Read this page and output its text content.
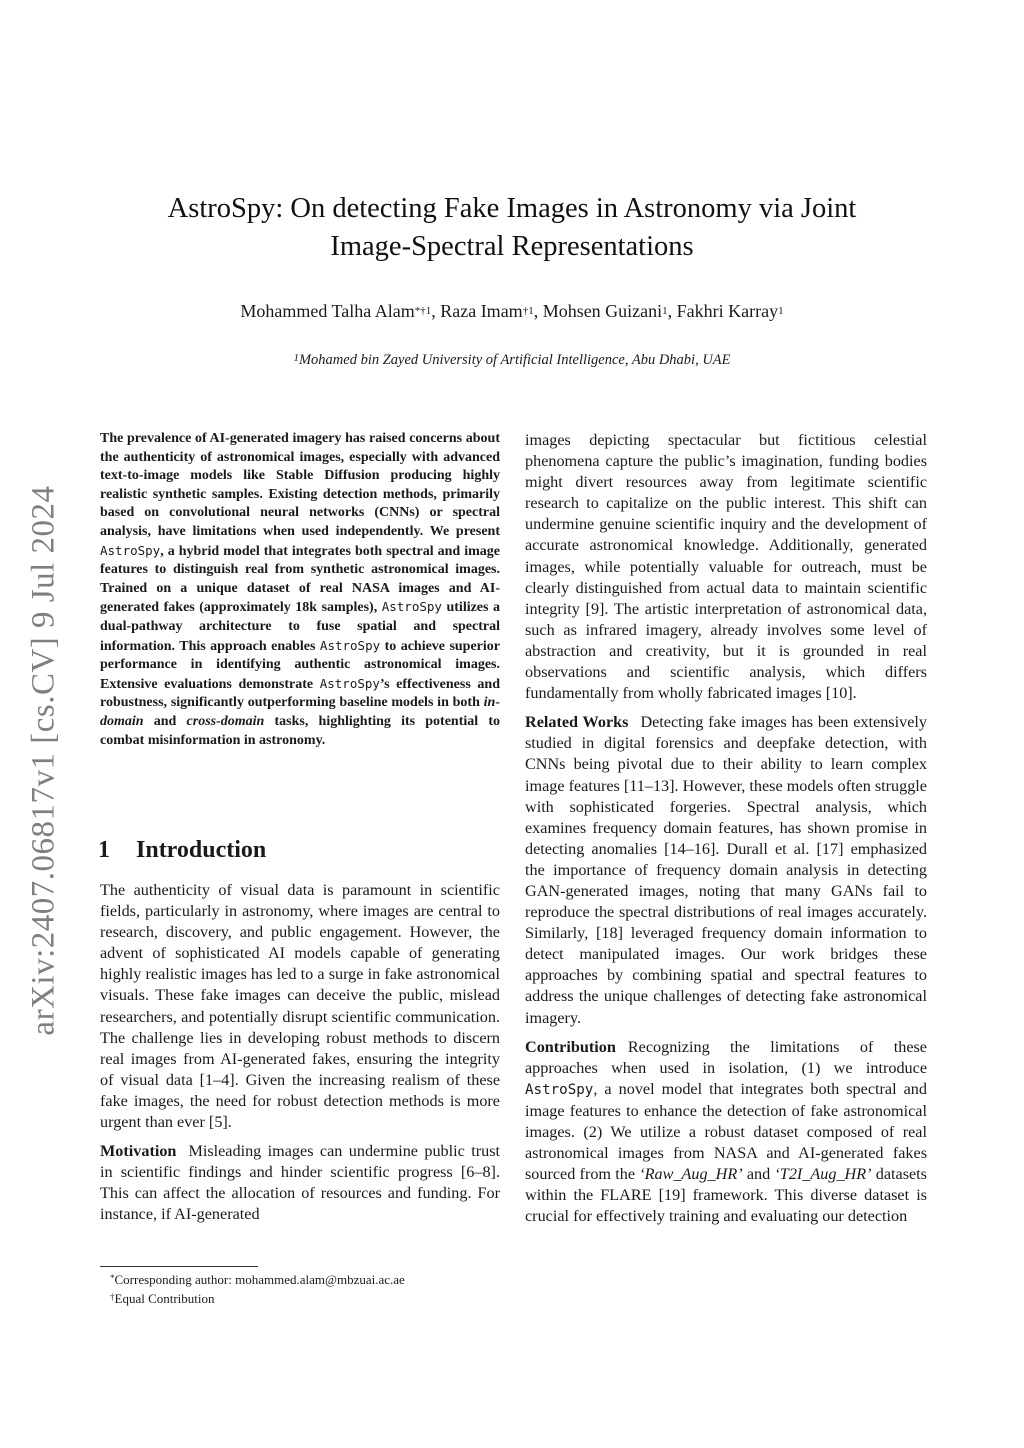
arXiv:2407.06817v1 [cs.CV] 9 Jul 2024
AstroSpy: On detecting Fake Images in Astronomy via Joint
Image-Spectral Representations
Mohammed Talha Alam$^{*\dagger 1}$, Raza Imam$^{\dagger 1}$, Mohsen Guizani$^1$, Fakhri Karray$^1$
$^1$Mohamed bin Zayed University of Artificial Intelligence, Abu Dhabi, UAE
The prevalence of AI-generated imagery has raised concerns about the authenticity of astronomical images, especially with advanced text-to-image models like Stable Diffusion producing highly realistic synthetic samples. Existing detection methods, primarily based on convolutional neural networks (CNNs) or spectral analysis, have limitations when used independently. We present AstroSpy, a hybrid model that integrates both spectral and image features to distinguish real from synthetic astronomical images. Trained on a unique dataset of real NASA images and AI-generated fakes (approximately 18k samples), AstroSpy utilizes a dual-pathway architecture to fuse spatial and spectral information. This approach enables AstroSpy to achieve superior performance in identifying authentic astronomical images. Extensive evaluations demonstrate AstroSpy’s effectiveness and robustness, significantly outperforming baseline models in both in-domain and cross-domain tasks, highlighting its potential to combat misinformation in astronomy.
1 Introduction

The authenticity of visual data is paramount in scientific fields, particularly in astronomy, where images are central to research, discovery, and public engagement. However, the advent of sophisticated AI models capable of generating highly realistic images has led to a surge in fake astronomical visuals. These fake images can deceive the public, mislead researchers, and potentially disrupt scientific communication. The challenge lies in developing robust methods to discern real images from AI-generated fakes, ensuring the integrity of visual data [1–4]. Given the increasing realism of these fake images, the need for robust detection methods is more urgent than ever [5].

Motivation Misleading images can undermine public trust in scientific findings and hinder scientific progress [6–8]. This can affect the allocation of resources and funding. For instance, if AI-generated

*Corresponding author: mohammed.alam@mbzuai.ac.ae
†Equal Contribution

images depicting spectacular but fictitious celestial phenomena capture the public’s imagination, funding bodies might divert resources away from legitimate scientific research to capitalize on the public interest. This shift can undermine genuine scientific inquiry and the development of accurate astronomical knowledge. Additionally, generated images, while potentially valuable for outreach, must be clearly distinguished from actual data to maintain scientific integrity [9]. The artistic interpretation of astronomical data, such as infrared imagery, already involves some level of abstraction and creativity, but it is grounded in real observations and scientific analysis, which differs fundamentally from wholly fabricated images [10].

Related Works Detecting fake images has been extensively studied in digital forensics and deepfake detection, with CNNs being pivotal due to their ability to learn complex image features [11–13]. However, these models often struggle with sophisticated forgeries. Spectral analysis, which examines frequency domain features, has shown promise in detecting anomalies [14–16]. Durall et al. [17] emphasized the importance of frequency domain analysis in detecting GAN-generated images, noting that many GANs fail to reproduce the spectral distributions of real images accurately. Similarly, [18] leveraged frequency domain information to detect manipulated images. Our work bridges these approaches by combining spatial and spectral features to address the unique challenges of detecting fake astronomical imagery.

Contribution Recognizing the limitations of these approaches when used in isolation, (1) we introduce AstroSpy, a novel model that integrates both spectral and image features to enhance the detection of fake astronomical images. (2) We utilize a robust dataset composed of real astronomical images from NASA and AI-generated fakes sourced from the ‘Raw_Aug_HR’ and ‘T2I_Aug_HR’ datasets within the FLARE [19] framework. This diverse dataset is crucial for effectively training and evaluating our detection
